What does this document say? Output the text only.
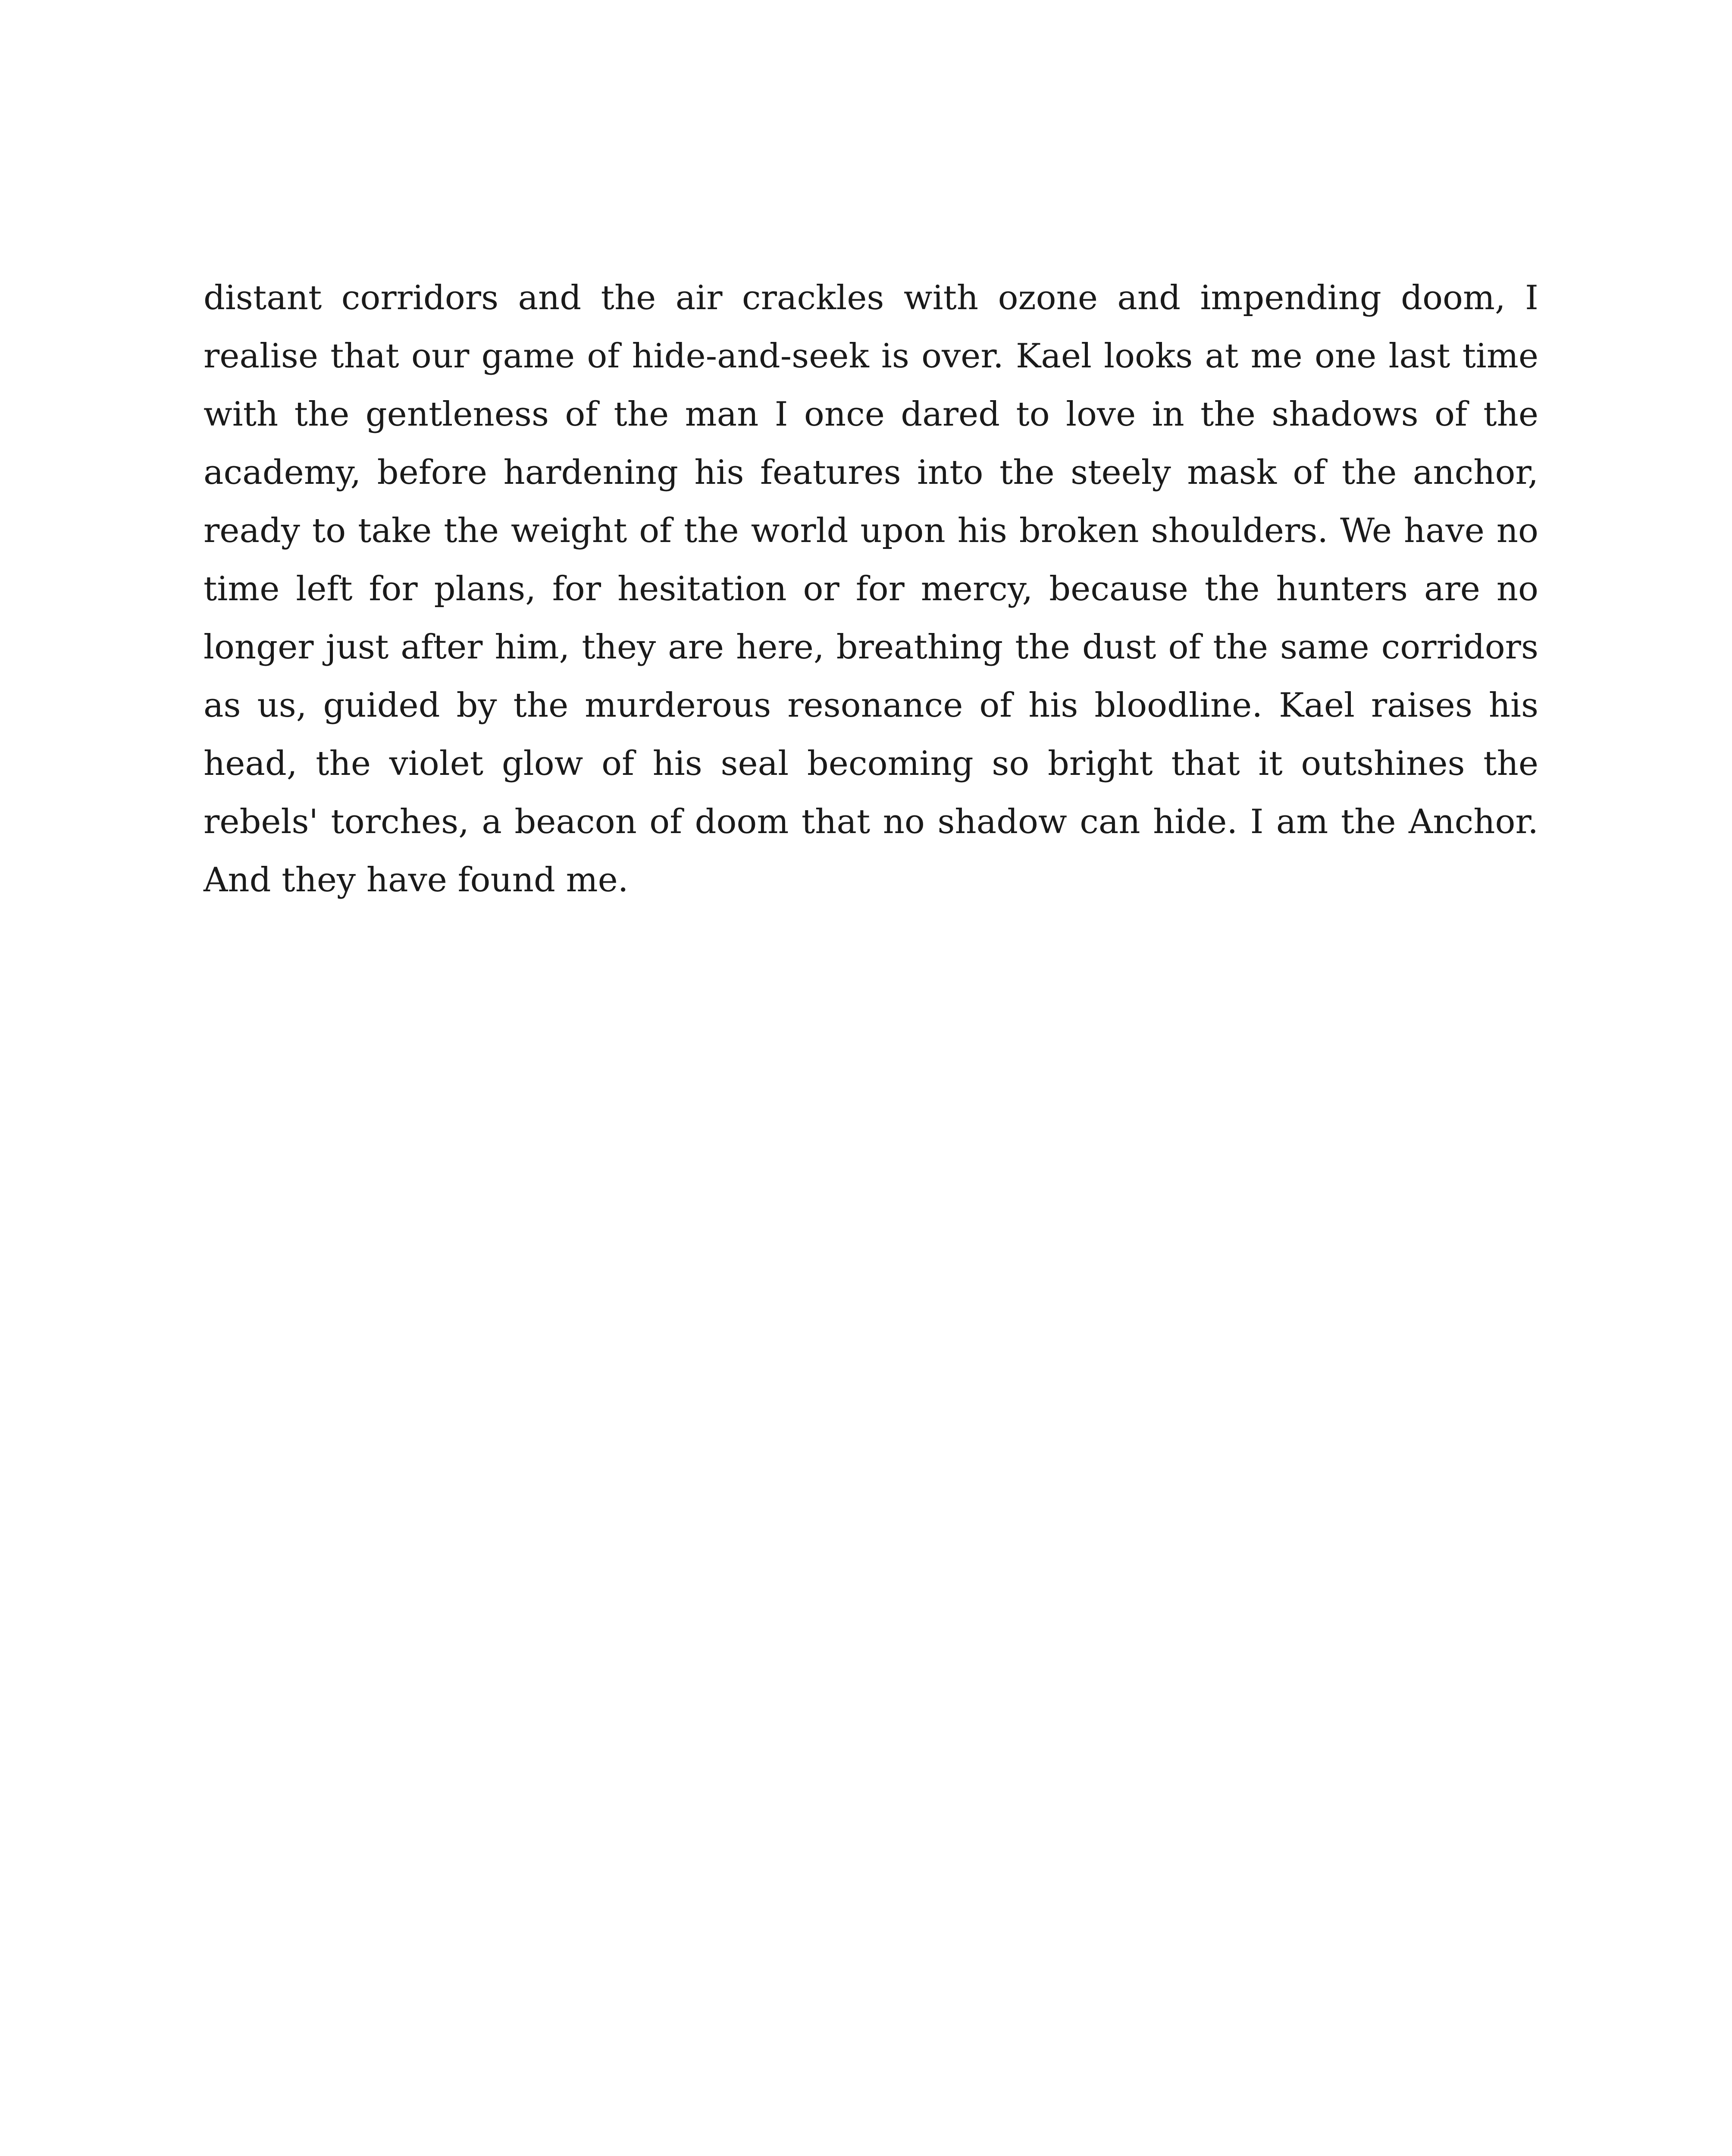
distant corridors and the air crackles with ozone and impending doom, I realise that our game of hide-and-seek is over. Kael looks at me one last time with the gentleness of the man I once dared to love in the shadows of the academy, before hardening his features into the steely mask of the anchor, ready to take the weight of the world upon his broken shoulders. We have no time left for plans, for hesitation or for mercy, because the hunters are no longer just after him, they are here, breathing the dust of the same corridors as us, guided by the murderous resonance of his bloodline. Kael raises his head, the violet glow of his seal becoming so bright that it outshines the rebels' torches, a beacon of doom that no shadow can hide. I am the Anchor. And they have found me.
